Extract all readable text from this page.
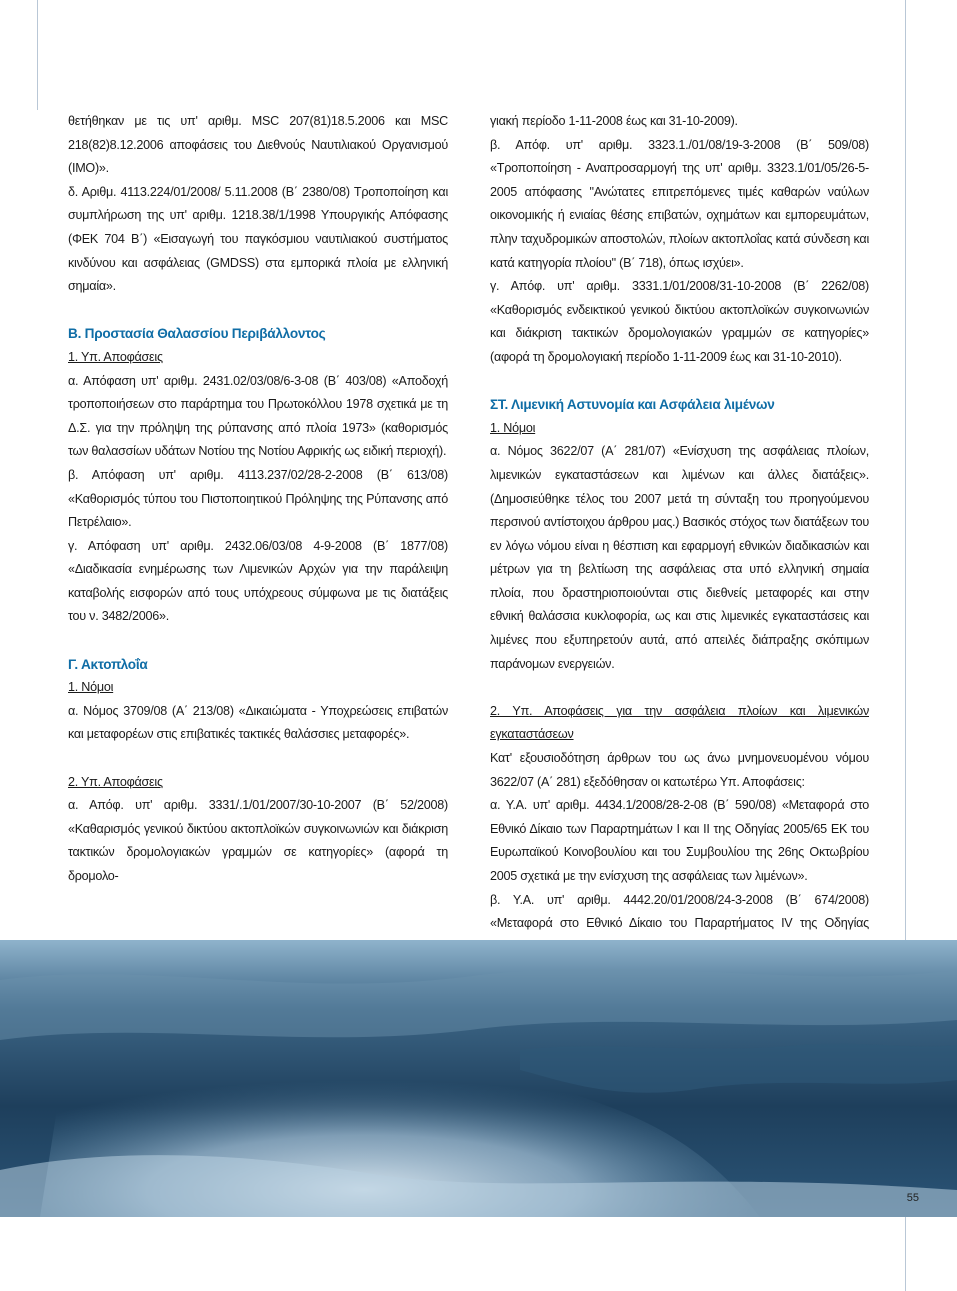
θετήθηκαν με τις υπ' αριθμ. MSC 207(81)18.5.2006 και MSC 218(82)8.12.2006 αποφάσεις του Διεθνούς Ναυτιλιακού Οργανισμού (ΙΜΟ)».

δ. Αριθμ. 4113.224/01/2008/ 5.11.2008 (Β΄ 2380/08) Τροποποίηση και συμπλήρωση της υπ' αριθμ. 1218.38/1/1998 Υπουργικής Απόφασης (ΦΕΚ 704 Β΄) «Εισαγωγή του παγκόσμιου ναυτιλιακού συστήματος κινδύνου και ασφάλειας (GMDSS) στα εμπορικά πλοία με ελληνική σημαία».

Β. Προστασία Θαλασσίου Περιβάλλοντος

1. Υπ. Αποφάσεις

α. Απόφαση υπ' αριθμ. 2431.02/03/08/6-3-08 (Β΄ 403/08) «Αποδοχή τροποποιήσεων στο παράρτημα του Πρωτοκόλλου 1978 σχετικά με τη Δ.Σ. για την πρόληψη της ρύπανσης από πλοία 1973» (καθορισμός των θαλασσίων υδάτων Νοτίου της Νοτίου Αφρικής ως ειδική περιοχή).

β. Απόφαση υπ' αριθμ. 4113.237/02/28-2-2008 (Β΄ 613/08) «Καθορισμός τύπου του Πιστοποιητικού Πρόληψης της Ρύπανσης από Πετρέλαιο».

γ. Απόφαση υπ' αριθμ. 2432.06/03/08 4-9-2008 (Β΄ 1877/08) «Διαδικασία ενημέρωσης των Λιμενικών Αρχών για την παράλειψη καταβολής εισφορών από τους υπόχρεους σύμφωνα με τις διατάξεις του ν. 3482/2006».

Γ. Ακτοπλοΐα

1. Νόμοι

α. Νόμος 3709/08 (Α΄ 213/08) «Δικαιώματα - Υποχρεώσεις επιβατών και μεταφορέων στις επιβατικές τακτικές θαλάσσιες μεταφορές».

2. Υπ. Αποφάσεις

α. Απόφ. υπ' αριθμ. 3331/.1/01/2007/30-10-2007 (Β΄ 52/2008) «Καθαρισμός γενικού δικτύου ακτοπλοϊκών συγκοινωνιών και διάκριση τακτικών δρομολογιακών γραμμών σε κατηγορίες» (αφορά τη δρομολο-

γιακή περίοδο 1-11-2008 έως και 31-10-2009).

β. Απόφ. υπ' αριθμ. 3323.1./01/08/19-3-2008 (Β΄ 509/08) «Τροποποίηση - Αναπροσαρμογή της υπ' αριθμ. 3323.1/01/05/26-5-2005 απόφασης "Ανώτατες επιτρεπόμενες τιμές καθαρών ναύλων οικονομικής ή ενιαίας θέσης επιβατών, οχημάτων και εμπορευμάτων, πλην ταχυδρομικών αποστολών, πλοίων ακτοπλοΐας κατά σύνδεση και κατά κατηγορία πλοίου" (Β΄ 718), όπως ισχύει».

γ. Απόφ. υπ' αριθμ. 3331.1/01/2008/31-10-2008 (Β΄ 2262/08) «Καθορισμός ενδεικτικού γενικού δικτύου ακτοπλοϊκών συγκοινωνιών και διάκριση τακτικών δρομολογιακών γραμμών σε κατηγορίες» (αφορά τη δρομολογιακή περίοδο 1-11-2009 έως και 31-10-2010).

ΣΤ. Λιμενική Αστυνομία και Ασφάλεια λιμένων

1. Νόμοι

α. Νόμος 3622/07 (Α΄ 281/07) «Ενίσχυση της ασφάλειας πλοίων, λιμενικών εγκαταστάσεων και λιμένων και άλλες διατάξεις». (Δημοσιεύθηκε τέλος του 2007 μετά τη σύνταξη του προηγούμενου περσινού αντίστοιχου άρθρου μας.) Βασικός στόχος των διατάξεων του εν λόγω νόμου είναι η θέσπιση και εφαρμογή εθνικών διαδικασιών και μέτρων για τη βελτίωση της ασφάλειας στα υπό ελληνική σημαία πλοία, που δραστηριοποιούνται στις διεθνείς μεταφορές και στην εθνική θαλάσσια κυκλοφορία, ως και στις λιμενικές εγκαταστάσεις και λιμένες που εξυπηρετούν αυτά, από απειλές διάπραξης σκόπιμων παράνομων ενεργειών.

2. Υπ. Αποφάσεις για την ασφάλεια πλοίων και λιμενικών εγκαταστάσεων

Κατ' εξουσιοδότηση άρθρων του ως άνω μνημονευομένου νόμου 3622/07 (Α΄ 281) εξεδόθησαν οι κατωτέρω Υπ. Αποφάσεις:

α. Υ.Α. υπ' αριθμ. 4434.1/2008/28-2-08 (Β΄ 590/08) «Μεταφορά στο Εθνικό Δίκαιο των Παραρτημάτων Ι και ΙΙ της Οδηγίας 2005/65 ΕΚ του Ευρωπαϊκού Κοινοβουλίου και του Συμβουλίου της 26ης Οκτωβρίου 2005 σχετικά με την ενίσχυση της ασφάλειας των λιμένων».

β. Υ.Α. υπ' αριθμ. 4442.20/01/2008/24-3-2008 (Β΄ 674/2008) «Μεταφορά στο Εθνικό Δίκαιο του Παραρτήματος ΙV της Οδηγίας

55
